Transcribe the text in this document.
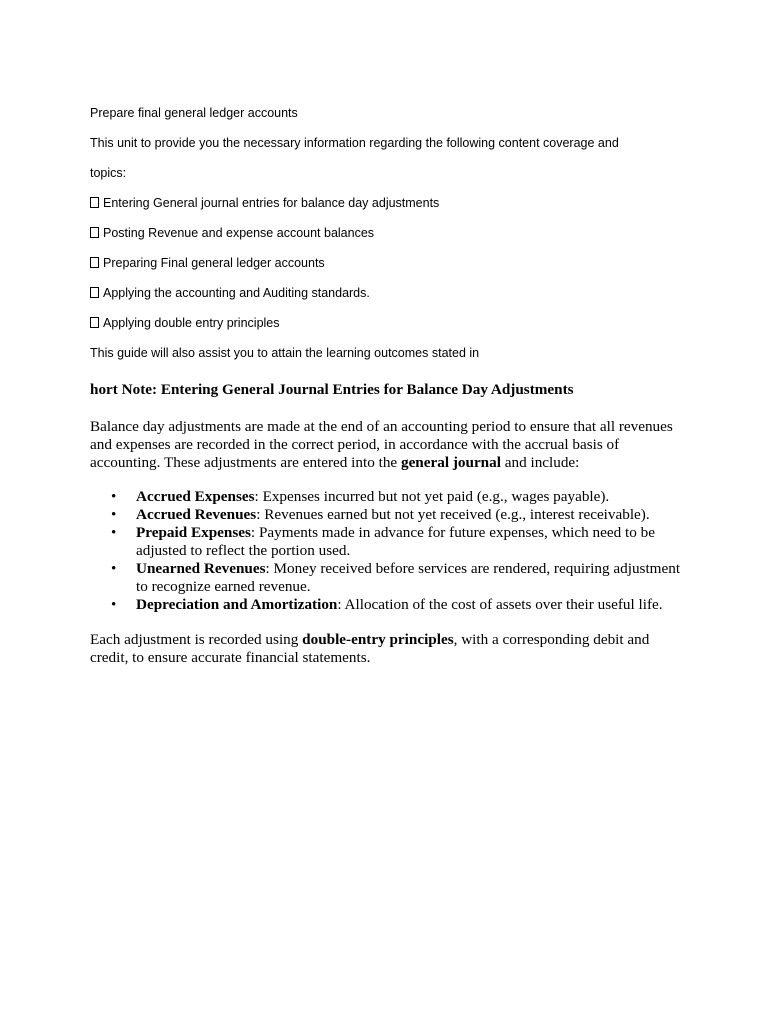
Prepare final general ledger accounts
This unit to provide you the necessary information regarding the following content coverage and
topics:
Entering General journal entries for balance day adjustments
Posting Revenue and expense account balances
Preparing Final general ledger accounts
Applying the accounting and Auditing standards.
Applying double entry principles
This guide will also assist you to attain the learning outcomes stated in
hort Note: Entering General Journal Entries for Balance Day Adjustments

Balance day adjustments are made at the end of an accounting period to ensure that all revenues and expenses are recorded in the correct period, in accordance with the accrual basis of accounting. These adjustments are entered into the general journal and include:

• Accrued Expenses: Expenses incurred but not yet paid (e.g., wages payable).
• Accrued Revenues: Revenues earned but not yet received (e.g., interest receivable).
• Prepaid Expenses: Payments made in advance for future expenses, which need to be adjusted to reflect the portion used.
• Unearned Revenues: Money received before services are rendered, requiring adjustment to recognize earned revenue.
• Depreciation and Amortization: Allocation of the cost of assets over their useful life.

Each adjustment is recorded using double-entry principles, with a corresponding debit and credit, to ensure accurate financial statements.
